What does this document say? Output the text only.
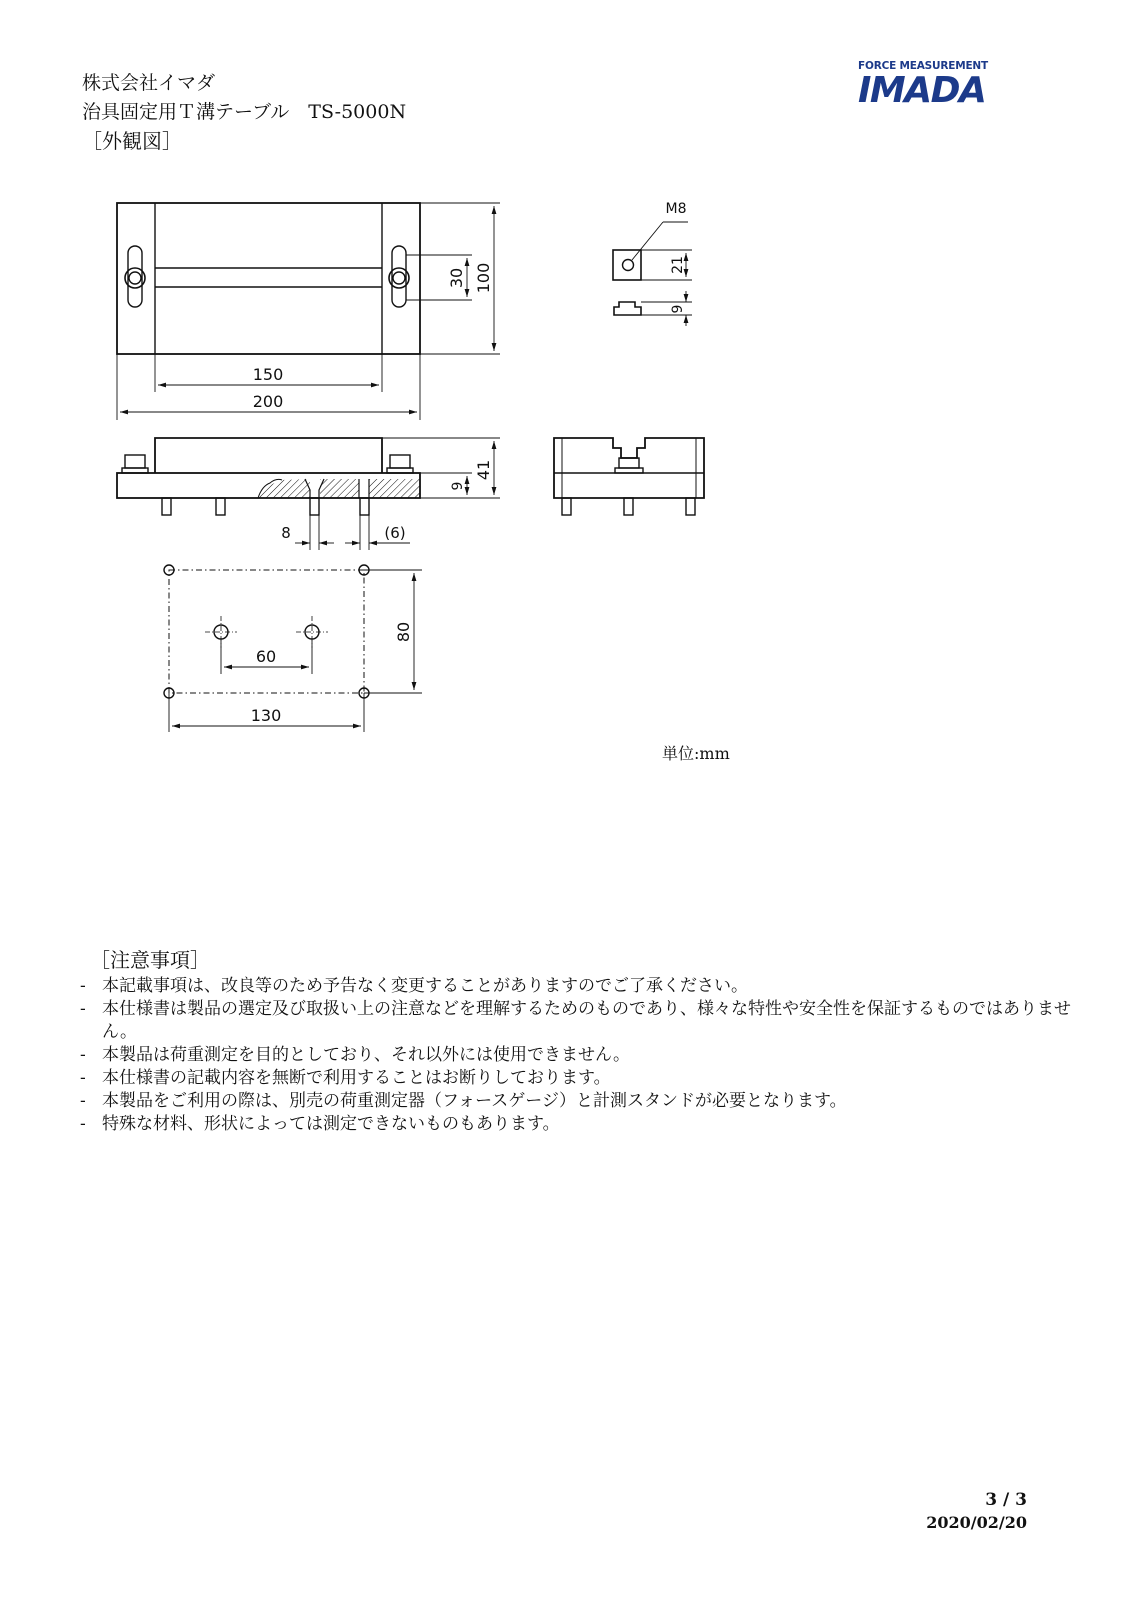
株式会社イマダ
治具固定用Ｔ溝テーブル　TS-5000N
［外観図］
FORCE MEASUREMENT
IMADA
150
200
30 100
M8
21
9
41
9
8	(6)
80
60
130
単位:mm
［注意事項］
- 本記載事項は、改良等のため予告なく変更することがありますのでご了承ください。
- 本仕様書は製品の選定及び取扱い上の注意などを理解するためのものであり、様々な特性や安全性を保証するものではありません。
- 本製品は荷重測定を目的としており、それ以外には使用できません。
- 本仕様書の記載内容を無断で利用することはお断りしております。
- 本製品をご利用の際は、別売の荷重測定器（フォースゲージ）と計測スタンドが必要となります。
- 特殊な材料、形状によっては測定できないものもあります。
3 / 3
2020/02/20
